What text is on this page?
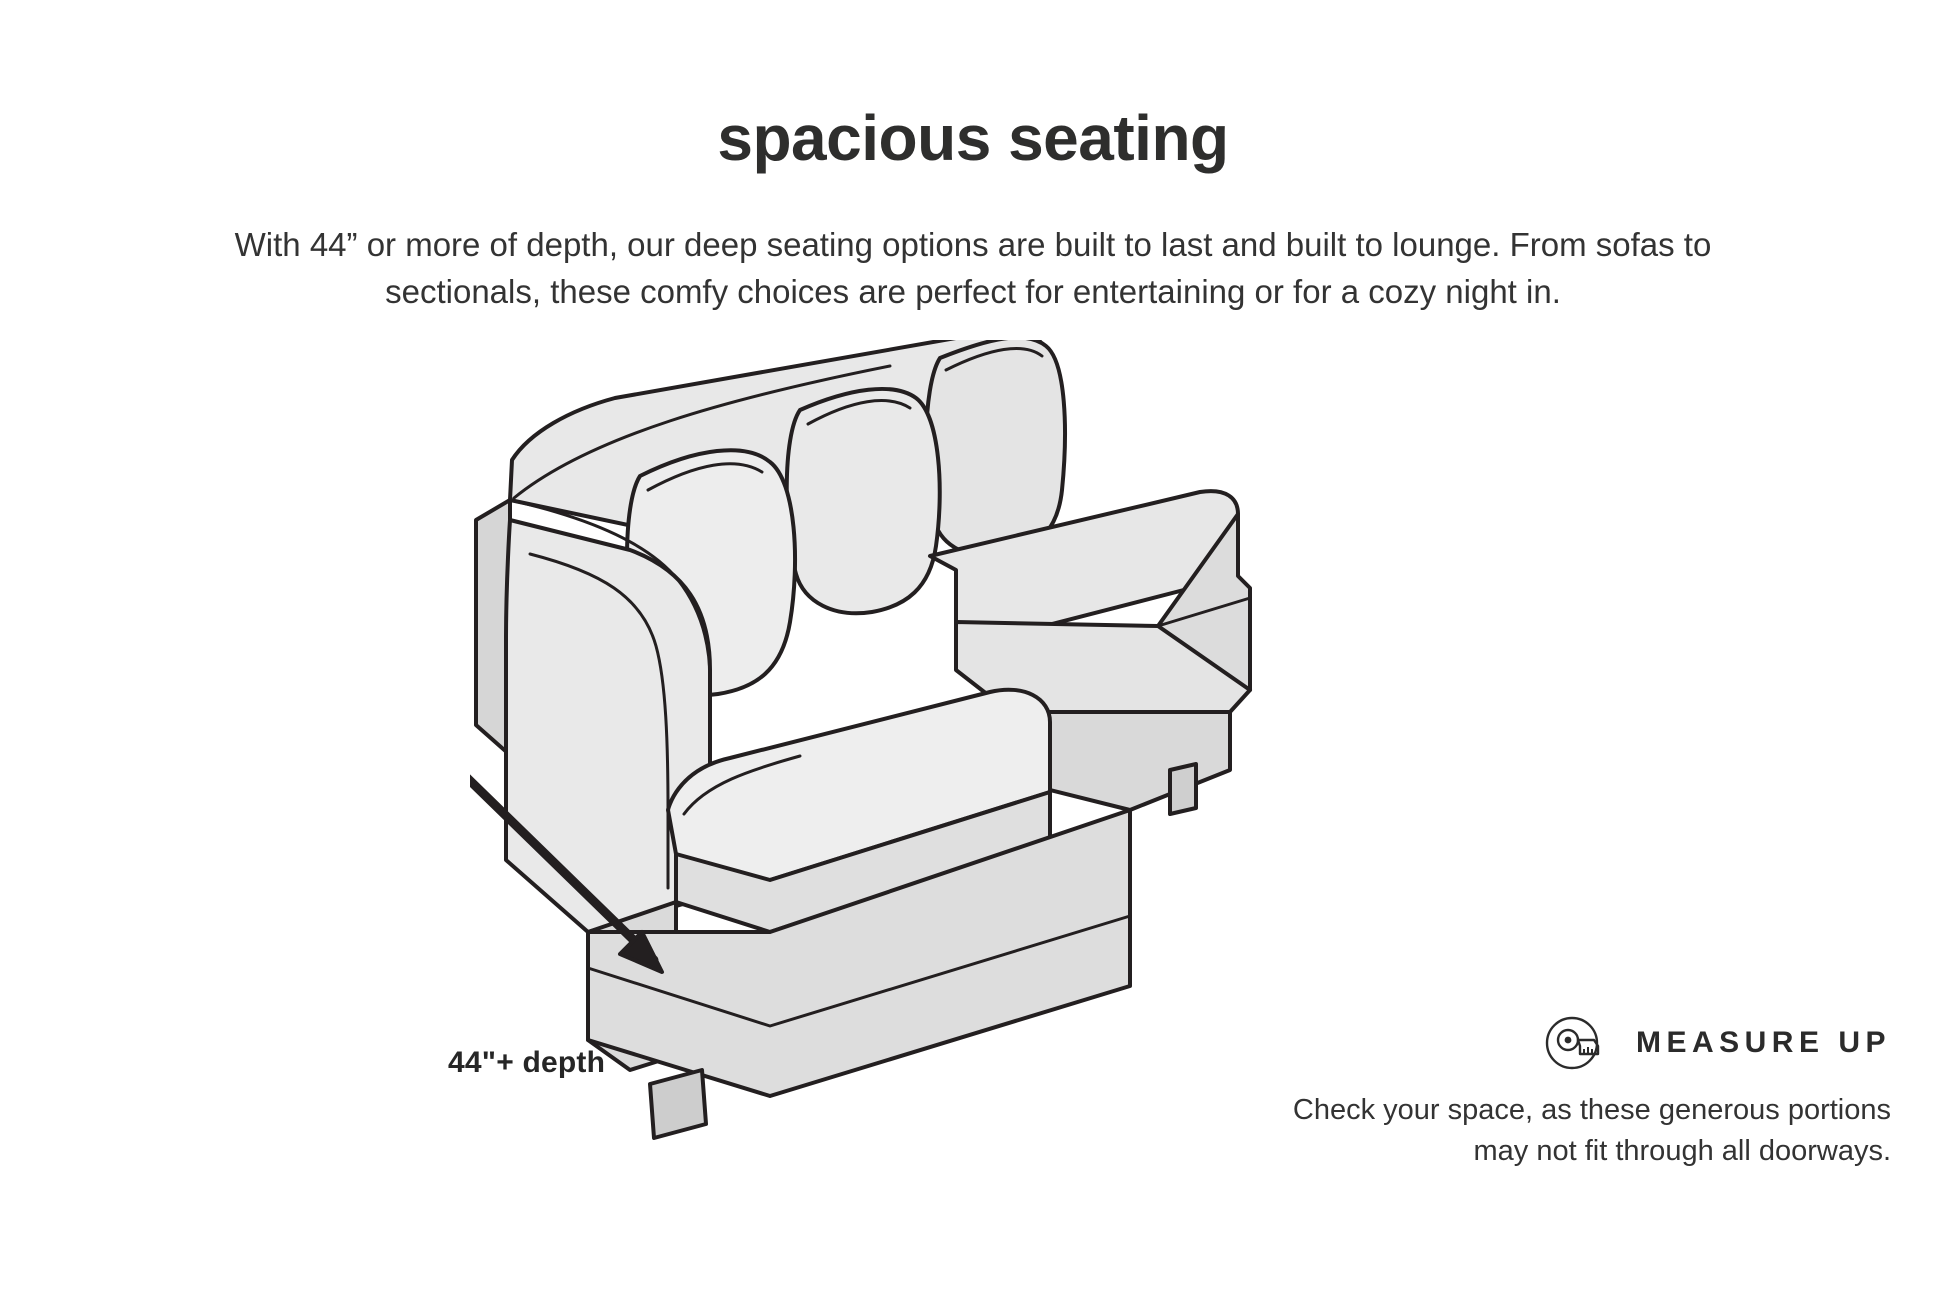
spacious seating
With 44” or more of depth, our deep seating options are built to last and built to lounge. From sofas to sectionals, these comfy choices are perfect for entertaining or for a cozy night in.
44"+ depth
MEASURE UP
Check your space, as these generous portions may not fit through all doorways.
